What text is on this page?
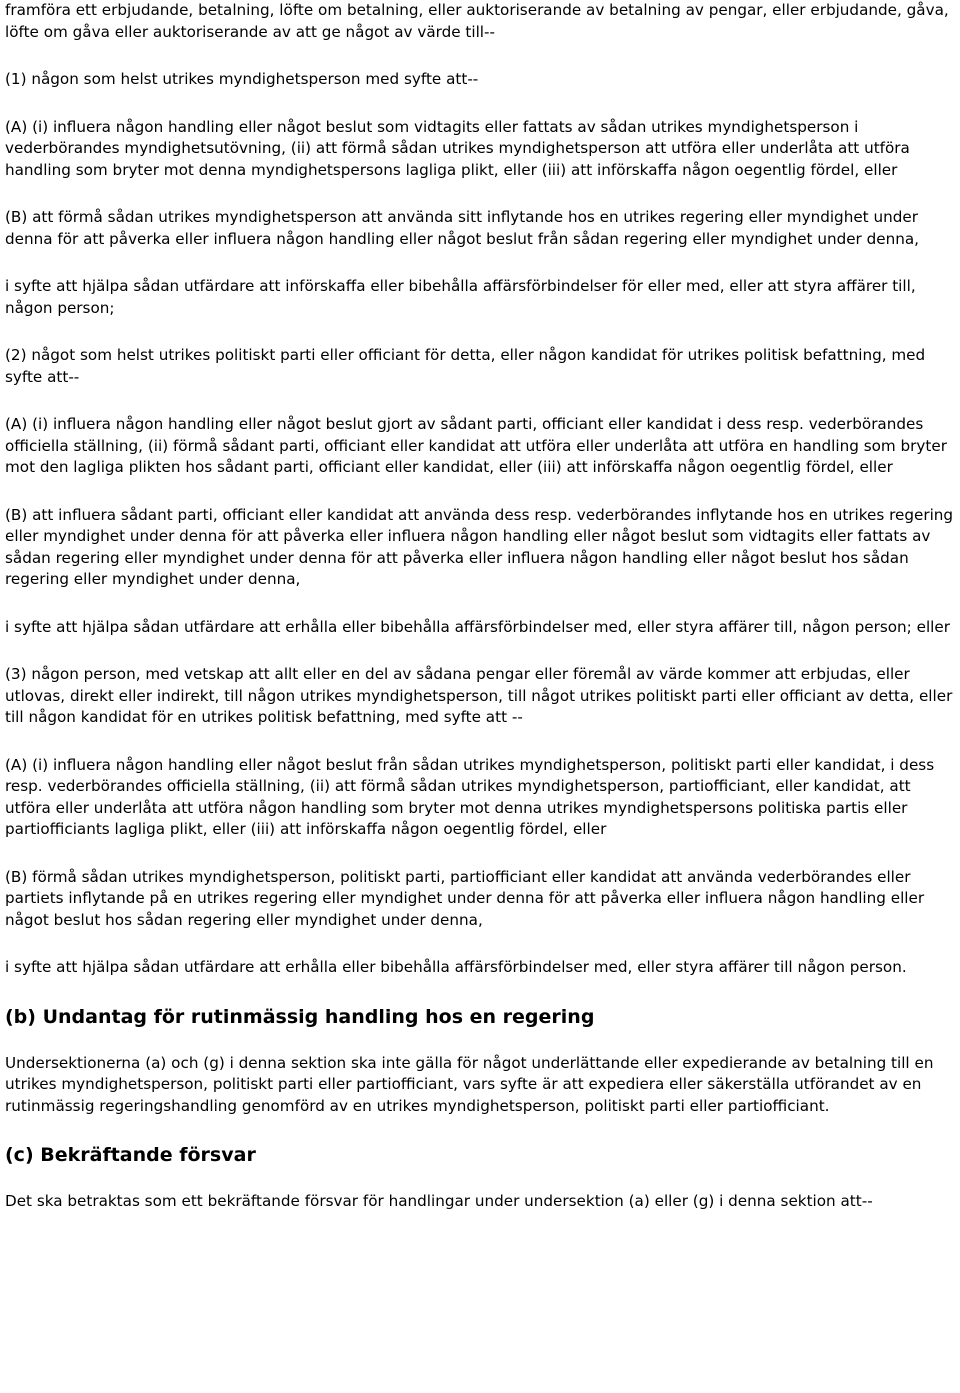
framföra ett erbjudande, betalning, löfte om betalning, eller auktoriserande av betalning av pengar, eller erbjudande, gåva, löfte om gåva eller auktoriserande av att ge något av värde till--

(1) någon som helst utrikes myndighetsperson med syfte att--

(A) (i) influera någon handling eller något beslut som vidtagits eller fattats av sådan utrikes myndighetsperson i vederbörandes myndighetsutövning, (ii) att förmå sådan utrikes myndighetsperson att utföra eller underlåta att utföra handling som bryter mot denna myndighetspersons lagliga plikt, eller (iii) att införskaffa någon oegentlig fördel, eller

(B) att förmå sådan utrikes myndighetsperson att använda sitt inflytande hos en utrikes regering eller myndighet under denna för att påverka eller influera någon handling eller något beslut från sådan regering eller myndighet under denna,

i syfte att hjälpa sådan utfärdare att införskaffa eller bibehålla affärsförbindelser för eller med, eller att styra affärer till, någon person;

(2) något som helst utrikes politiskt parti eller officiant för detta, eller någon kandidat för utrikes politisk befattning, med syfte att--

(A) (i) influera någon handling eller något beslut gjort av sådant parti, officiant eller kandidat i dess resp. vederbörandes officiella ställning, (ii) förmå sådant parti, officiant eller kandidat att utföra eller underlåta att utföra en handling som bryter mot den lagliga plikten hos sådant parti, officiant eller kandidat, eller (iii) att införskaffa någon oegentlig fördel, eller

(B) att influera sådant parti, officiant eller kandidat att använda dess resp. vederbörandes inflytande hos en utrikes regering eller myndighet under denna för att påverka eller influera någon handling eller något beslut som vidtagits eller fattats av sådan regering eller myndighet under denna för att påverka eller influera någon handling eller något beslut hos sådan regering eller myndighet under denna,

i syfte att hjälpa sådan utfärdare att erhålla eller bibehålla affärsförbindelser med, eller styra affärer till, någon person; eller

(3) någon person, med vetskap att allt eller en del av sådana pengar eller föremål av värde kommer att erbjudas, eller utlovas, direkt eller indirekt, till någon utrikes myndighetsperson, till något utrikes politiskt parti eller officiant av detta, eller till någon kandidat för en utrikes politisk befattning, med syfte att --

(A) (i) influera någon handling eller något beslut från sådan utrikes myndighetsperson, politiskt parti eller kandidat, i dess resp. vederbörandes officiella ställning, (ii) att förmå sådan utrikes myndighetsperson, partiofficiant, eller kandidat, att utföra eller underlåta att utföra någon handling som bryter mot denna utrikes myndighetspersons politiska partis eller partiofficiants lagliga plikt, eller (iii) att införskaffa någon oegentlig fördel, eller

(B) förmå sådan utrikes myndighetsperson, politiskt parti, partiofficiant eller kandidat att använda vederbörandes eller partiets inflytande på en utrikes regering eller myndighet under denna för att påverka eller influera någon handling eller något beslut hos sådan regering eller myndighet under denna,

i syfte att hjälpa sådan utfärdare att erhålla eller bibehålla affärsförbindelser med, eller styra affärer till någon person.

(b) Undantag för rutinmässig handling hos en regering

Undersektionerna (a) och (g) i denna sektion ska inte gälla för något underlättande eller expedierande av betalning till en utrikes myndighetsperson, politiskt parti eller partiofficiant, vars syfte är att expediera eller säkerställa utförandet av en rutinmässig regeringshandling genomförd av en utrikes myndighetsperson, politiskt parti eller partiofficiant.

(c) Bekräftande försvar

Det ska betraktas som ett bekräftande försvar för handlingar under undersektion (a) eller (g) i denna sektion att--
